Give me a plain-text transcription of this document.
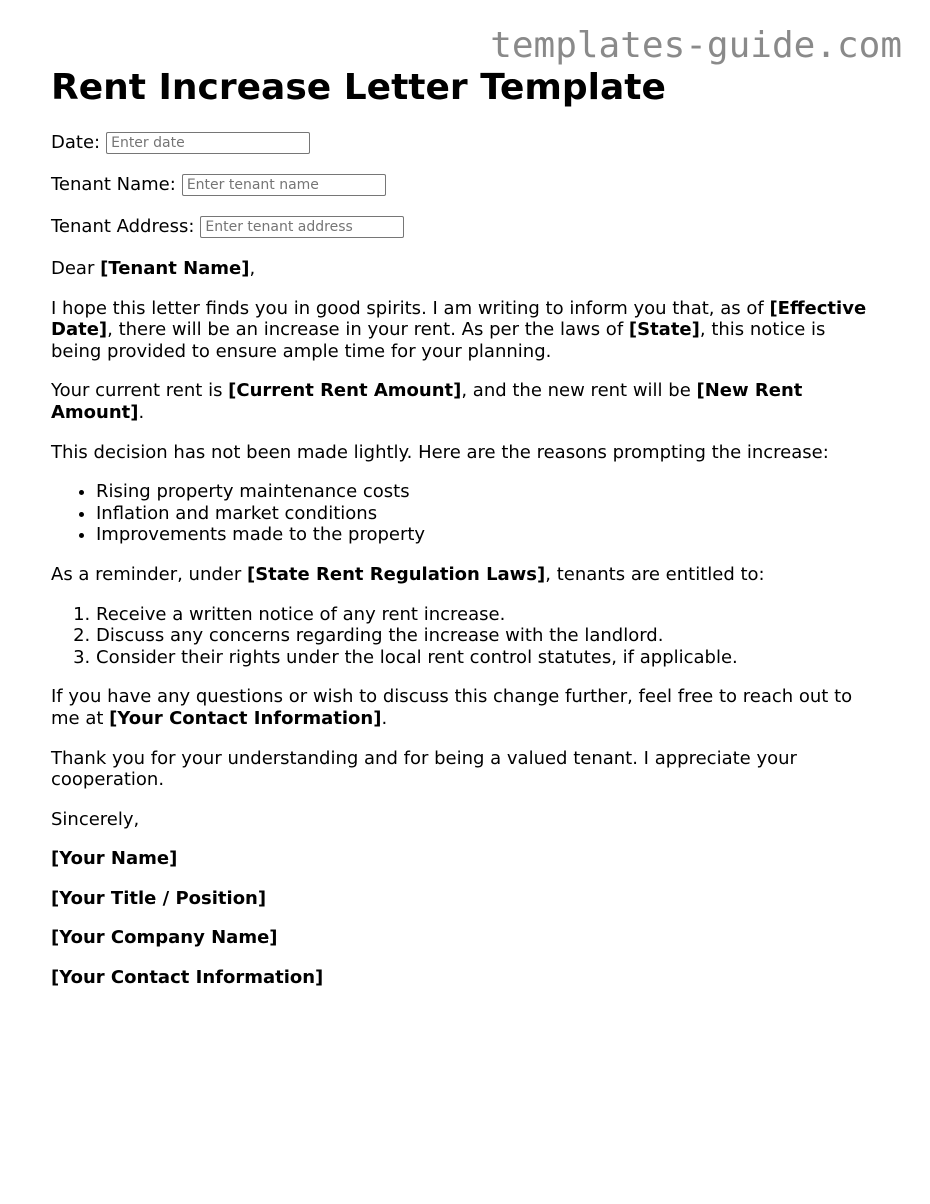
templates-guide.com
Rent Increase Letter Template
Date:
Enter date
Tenant Name:
Enter tenant name
Tenant Address:
Enter tenant address

Dear [Tenant Name],

I hope this letter finds you in good spirits. I am writing to inform you that, as of [Effective Date], there will be an increase in your rent. As per the laws of [State], this notice is being provided to ensure ample time for your planning.

Your current rent is [Current Rent Amount], and the new rent will be [New Rent Amount].

This decision has not been made lightly. Here are the reasons prompting the increase:

• Rising property maintenance costs
• Inflation and market conditions
• Improvements made to the property

As a reminder, under [State Rent Regulation Laws], tenants are entitled to:

1. Receive a written notice of any rent increase.
2. Discuss any concerns regarding the increase with the landlord.
3. Consider their rights under the local rent control statutes, if applicable.

If you have any questions or wish to discuss this change further, feel free to reach out to me at [Your Contact Information].

Thank you for your understanding and for being a valued tenant. I appreciate your cooperation.

Sincerely,

[Your Name]

[Your Title / Position]

[Your Company Name]

[Your Contact Information]
